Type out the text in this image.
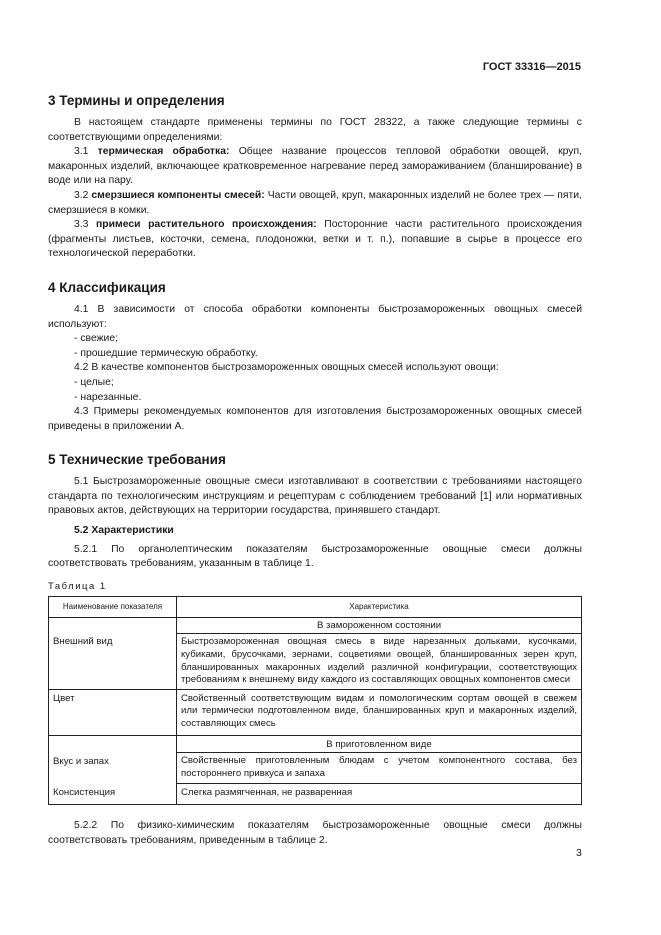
ГОСТ 33316—2015
3 Термины и определения

В настоящем стандарте применены термины по ГОСТ 28322, а также следующие термины с соответствующими определениями:

3.1 термическая обработка: Общее название процессов тепловой обработки овощей, круп, макаронных изделий, включающее кратковременное нагревание перед замораживанием (бланширование) в воде или на пару.

3.2 смерзшиеся компоненты смесей: Части овощей, круп, макаронных изделий не более трех — пяти, смерзшиеся в комки.

3.3 примеси растительного происхождения: Посторонние части растительного происхождения (фрагменты листьев, косточки, семена, плодоножки, ветки и т. п.), попавшие в сырье в процессе его технологической переработки.

4 Классификация

4.1 В зависимости от способа обработки компоненты быстрозамороженных овощных смесей используют:

- свежие;
- прошедшие термическую обработку.

4.2 В качестве компонентов быстрозамороженных овощных смесей используют овощи:

- целые;
- нарезанные.

4.3 Примеры рекомендуемых компонентов для изготовления быстрозамороженных овощных смесей приведены в приложении А.

5 Технические требования

5.1 Быстрозамороженные овощные смеси изготавливают в соответствии с требованиями настоящего стандарта по технологическим инструкциям и рецептурам с соблюдением требований [1] или нормативных правовых актов, действующих на территории государства, принявшего стандарт.

5.2 Характеристики

5.2.1 По органолептическим показателям быстрозамороженные овощные смеси должны соответствовать требованиям, указанным в таблице 1.

Таблица 1
Наименование показателя	Характеристика
	В замороженном состоянии
Внешний вид	Быстрозамороженная овощная смесь в виде нарезанных дольками, кусочками, кубиками, брусочками, зернами, соцветиями овощей, бланшированных зерен круп, бланшированных макаронных изделий различной конфигурации, соответствующих требованиям к внешнему виду каждого из составляющих овощных компонентов смеси
Цвет	Свойственный соответствующим видам и помологическим сортам овощей в свежем или термически подготовленном виде, бланшированных круп и макаронных изделий, составляющих смесь
	В приготовленном виде
Вкус и запах	Свойственные приготовленным блюдам с учетом компонентного состава, без постороннего привкуса и запаха
Консистенция	Слегка размягченная, не разваренная

5.2.2 По физико-химическим показателям быстрозамороженные овощные смеси должны соответствовать требованиям, приведенным в таблице 2.

3
